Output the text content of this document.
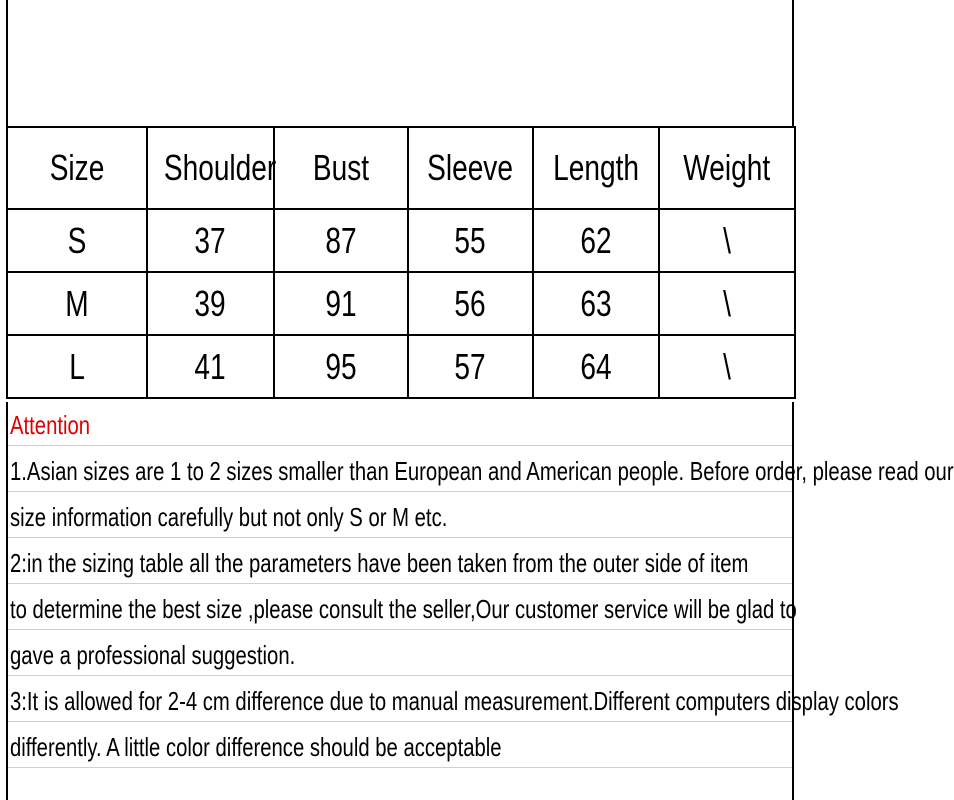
Size	Shoulder	Bust	Sleeve	Length	Weight
S	37	87	55	62	\
M	39	91	56	63	\
L	41	95	57	64	\
Attention
1.Asian sizes are 1 to 2 sizes smaller than European and American people. Before order, please read our
size information carefully but not only S or M etc.
2:in the sizing table all the parameters have been taken from the outer side of item
to determine the best size ,please consult the seller,Our customer service will be glad to
gave a professional suggestion.
3:It is allowed for 2-4 cm difference due to manual measurement.Different computers display colors
differently. A little color difference should be acceptable
